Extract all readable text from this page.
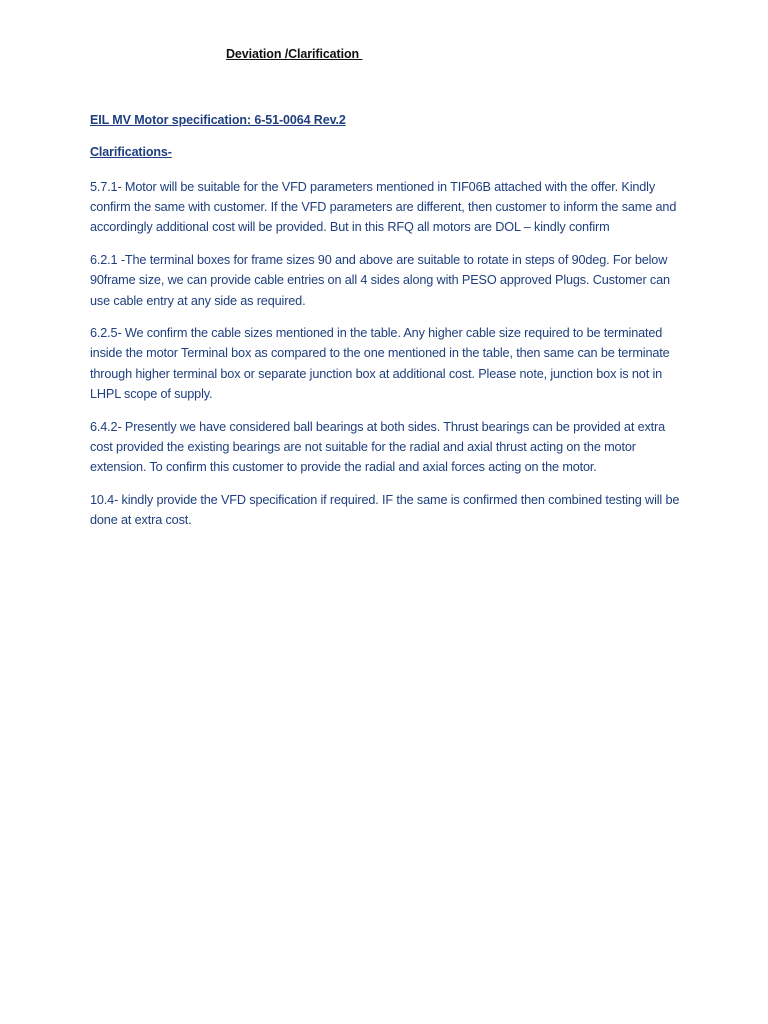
Deviation /Clarification
EIL MV Motor specification: 6-51-0064 Rev.2
Clarifications-

5.7.1- Motor will be suitable for the VFD parameters mentioned in TIF06B attached with the offer. Kindly confirm the same with customer. If the VFD parameters are different, then customer to inform the same and accordingly additional cost will be provided. But in this RFQ all motors are DOL – kindly confirm

6.2.1 -The terminal boxes for frame sizes 90 and above are suitable to rotate in steps of 90deg. For below 90frame size, we can provide cable entries on all 4 sides along with PESO approved Plugs. Customer can use cable entry at any side as required.

6.2.5- We confirm the cable sizes mentioned in the table. Any higher cable size required to be terminated inside the motor Terminal box as compared to the one mentioned in the table, then same can be terminate through higher terminal box or separate junction box at additional cost. Please note, junction box is not in LHPL scope of supply.

6.4.2- Presently we have considered ball bearings at both sides. Thrust bearings can be provided at extra cost provided the existing bearings are not suitable for the radial and axial thrust acting on the motor extension. To confirm this customer to provide the radial and axial forces acting on the motor.

10.4- kindly provide the VFD specification if required. IF the same is confirmed then combined testing will be done at extra cost.
